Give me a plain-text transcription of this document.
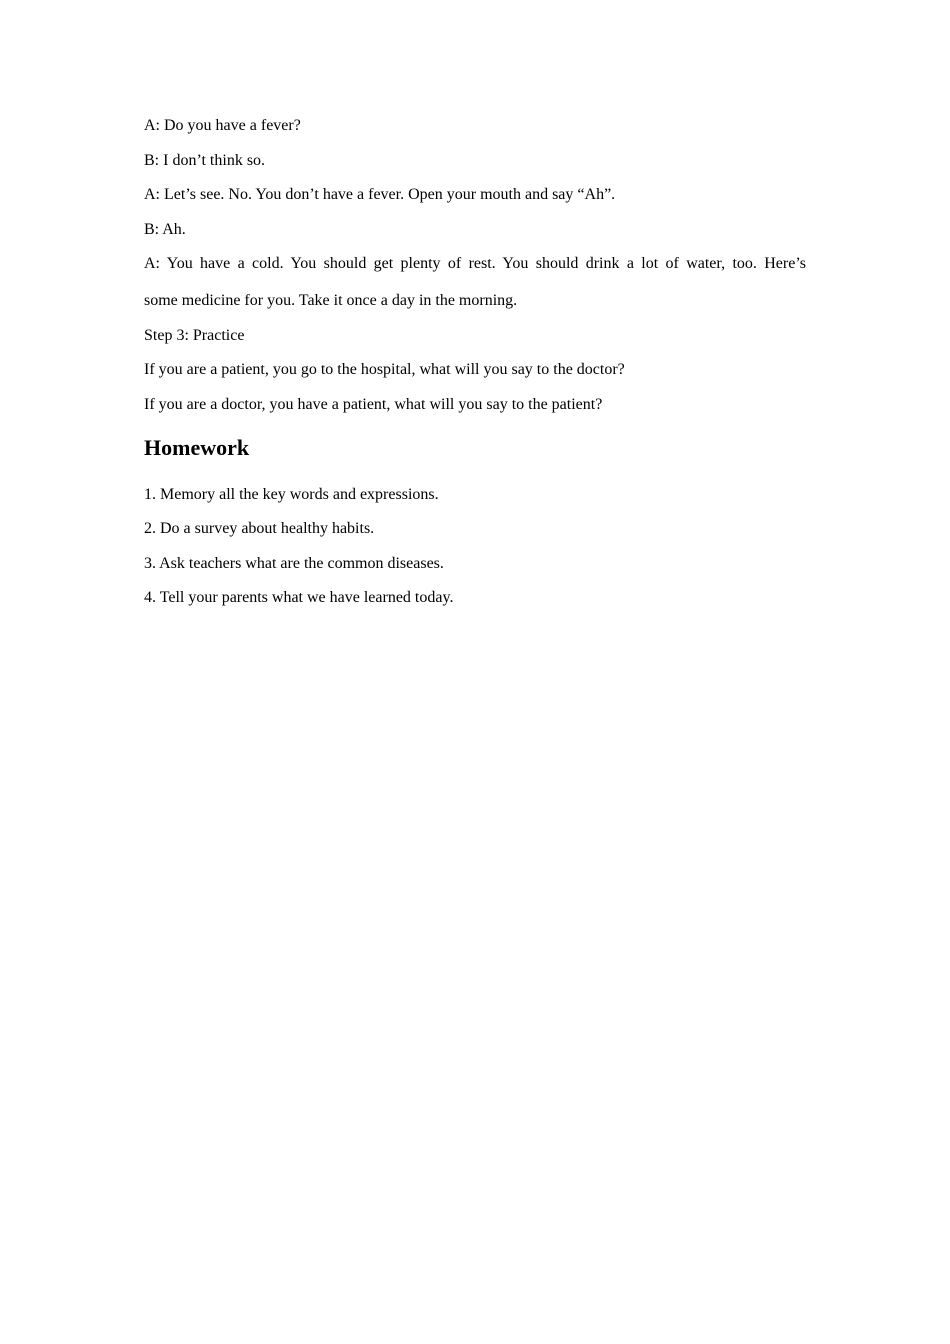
A: Do you have a fever?

B: I don’t think so.

A: Let’s see. No. You don’t have a fever. Open your mouth and say “Ah”.

B: Ah.

A: You have a cold. You should get plenty of rest. You should drink a lot of water, too. Here’s
some medicine for you. Take it once a day in the morning.

Step 3: Practice

If you are a patient, you go to the hospital, what will you say to the doctor?

If you are a doctor, you have a patient, what will you say to the patient?

Homework

1. Memory all the key words and expressions.

2. Do a survey about healthy habits.

3. Ask teachers what are the common diseases.

4. Tell your parents what we have learned today.
